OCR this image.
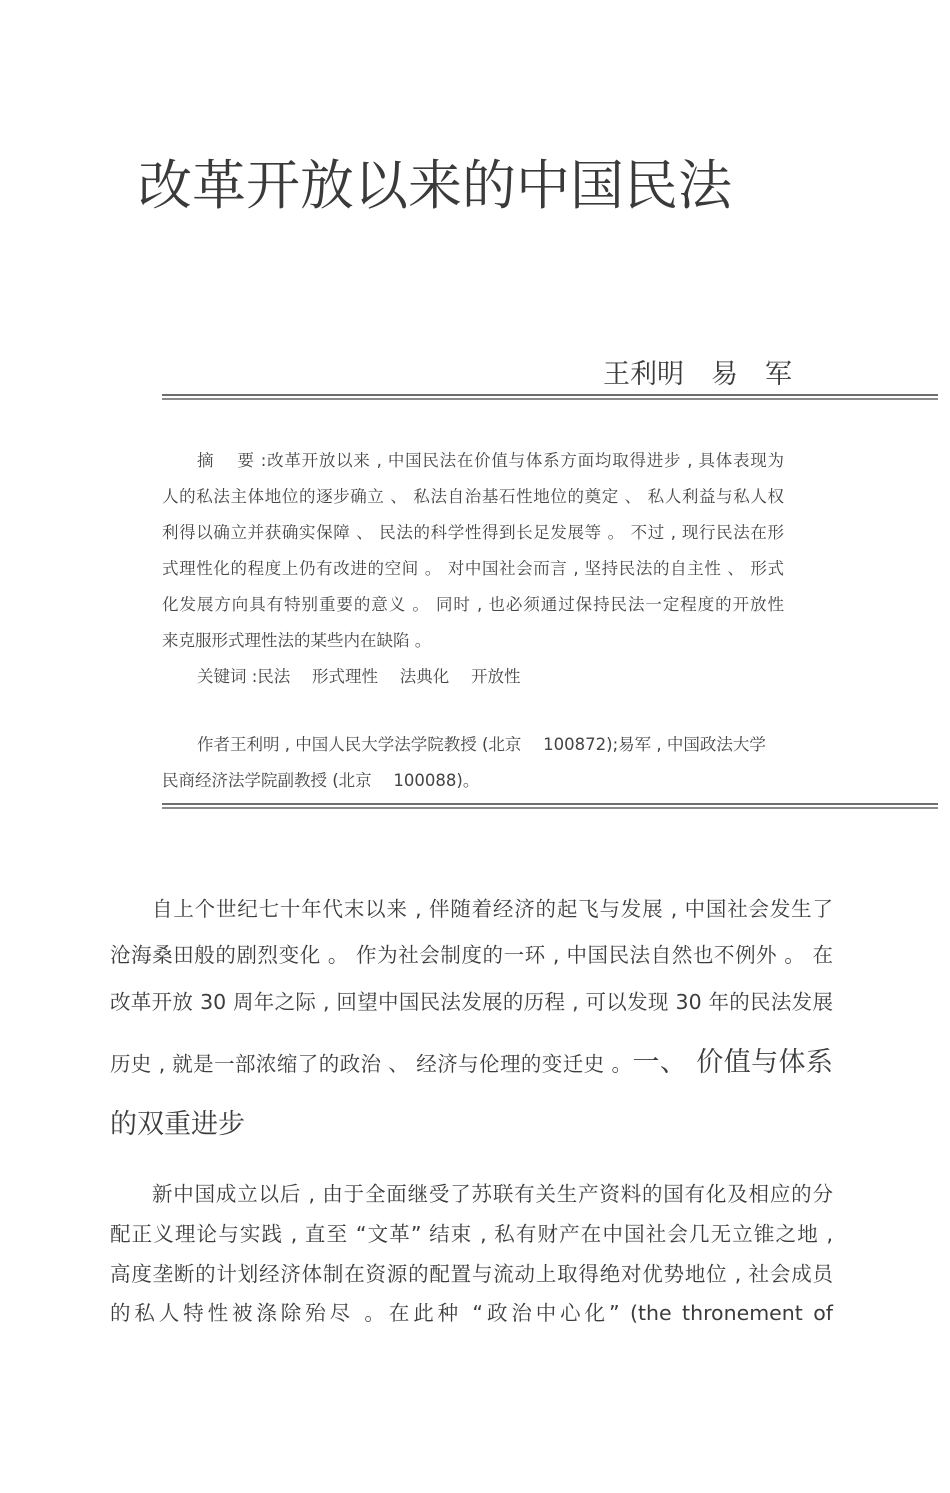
改革开放以来的中国民法
王利明　易　军
摘　 要 :改革开放以来 , 中国民法在价值与体系方面均取得进步 , 具体表现为
人的私法主体地位的逐步确立 、 私法自治基石性地位的奠定 、 私人利益与私人权
利得以确立并获确实保障 、 民法的科学性得到长足发展等 。 不过 , 现行民法在形
式理性化的程度上仍有改进的空间 。 对中国社会而言 , 坚持民法的自主性 、 形式
化发展方向具有特别重要的意义 。 同时 , 也必须通过保持民法一定程度的开放性
来克服形式理性法的某些内在缺陷 。
关键词 :民法　 形式理性　 法典化　 开放性
作者王利明 , 中国人民大学法学院教授 (北京　 100872);易军 , 中国政法大学
民商经济法学院副教授 (北京　 100088)。
自上个世纪七十年代末以来 , 伴随着经济的起飞与发展 , 中国社会发生了
沧海桑田般的剧烈变化 。 作为社会制度的一环 , 中国民法自然也不例外 。 在
改革开放 30 周年之际 , 回望中国民法发展的历程 , 可以发现 30 年的民法发展
历史 , 就是一部浓缩了的政治 、 经济与伦理的变迁史 。一、 价值与体系
的双重进步
新中国成立以后 , 由于全面继受了苏联有关生产资料的国有化及相应的分
配正义理论与实践 , 直至 “文革” 结束 , 私有财产在中国社会几无立锥之地 ,
高度垄断的计划经济体制在资源的配置与流动上取得绝对优势地位 , 社会成员
的私人特性被涤除殆尽 。在此种 “政治中心化” (the thronement of
